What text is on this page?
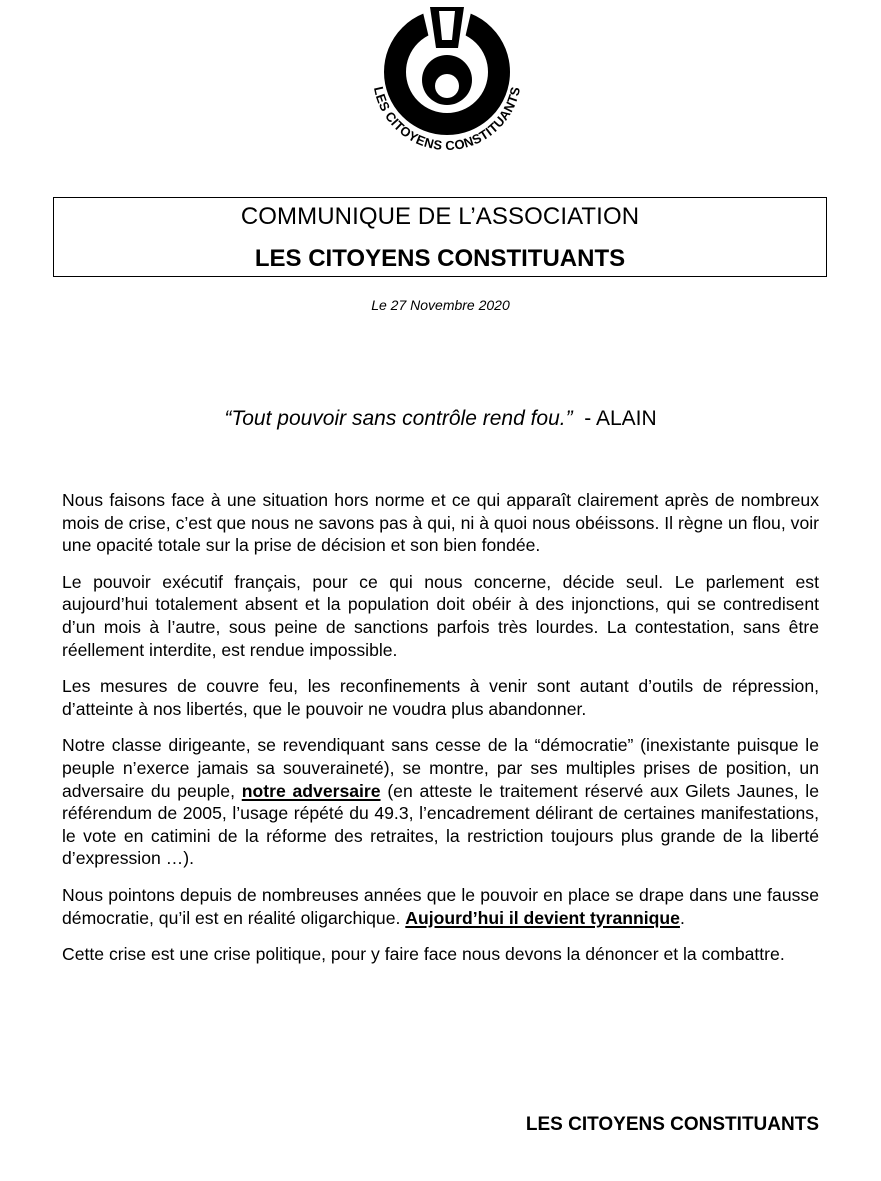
LES CITOYENS CONSTITUANTS
COMMUNIQUE DE L’ASSOCIATION
LES CITOYENS CONSTITUANTS
Le 27 Novembre 2020
“Tout pouvoir sans contrôle rend fou.” - ALAIN

Nous faisons face à une situation hors norme et ce qui apparaît clairement après de nombreux mois de crise, c’est que nous ne savons pas à qui, ni à quoi nous obéissons. Il règne un flou, voir une opacité totale sur la prise de décision et son bien fondée.

Le pouvoir exécutif français, pour ce qui nous concerne, décide seul. Le parlement est aujourd’hui totalement absent et la population doit obéir à des injonctions, qui se contredisent d’un mois à l’autre, sous peine de sanctions parfois très lourdes. La contestation, sans être réellement interdite, est rendue impossible.

Les mesures de couvre feu, les reconfinements à venir sont autant d’outils de répression, d’atteinte à nos libertés, que le pouvoir ne voudra plus abandonner.

Notre classe dirigeante, se revendiquant sans cesse de la “démocratie” (inexistante puisque le peuple n’exerce jamais sa souveraineté), se montre, par ses multiples prises de position, un adversaire du peuple, notre adversaire (en atteste le traitement réservé aux Gilets Jaunes, le référendum de 2005, l’usage répété du 49.3, l’encadrement délirant de certaines manifestations, le vote en catimini de la réforme des retraites, la restriction toujours plus grande de la liberté d’expression …).

Nous pointons depuis de nombreuses années que le pouvoir en place se drape dans une fausse démocratie, qu’il est en réalité oligarchique. Aujourd’hui il devient tyrannique.

Cette crise est une crise politique, pour y faire face nous devons la dénoncer et la combattre.

LES CITOYENS CONSTITUANTS
